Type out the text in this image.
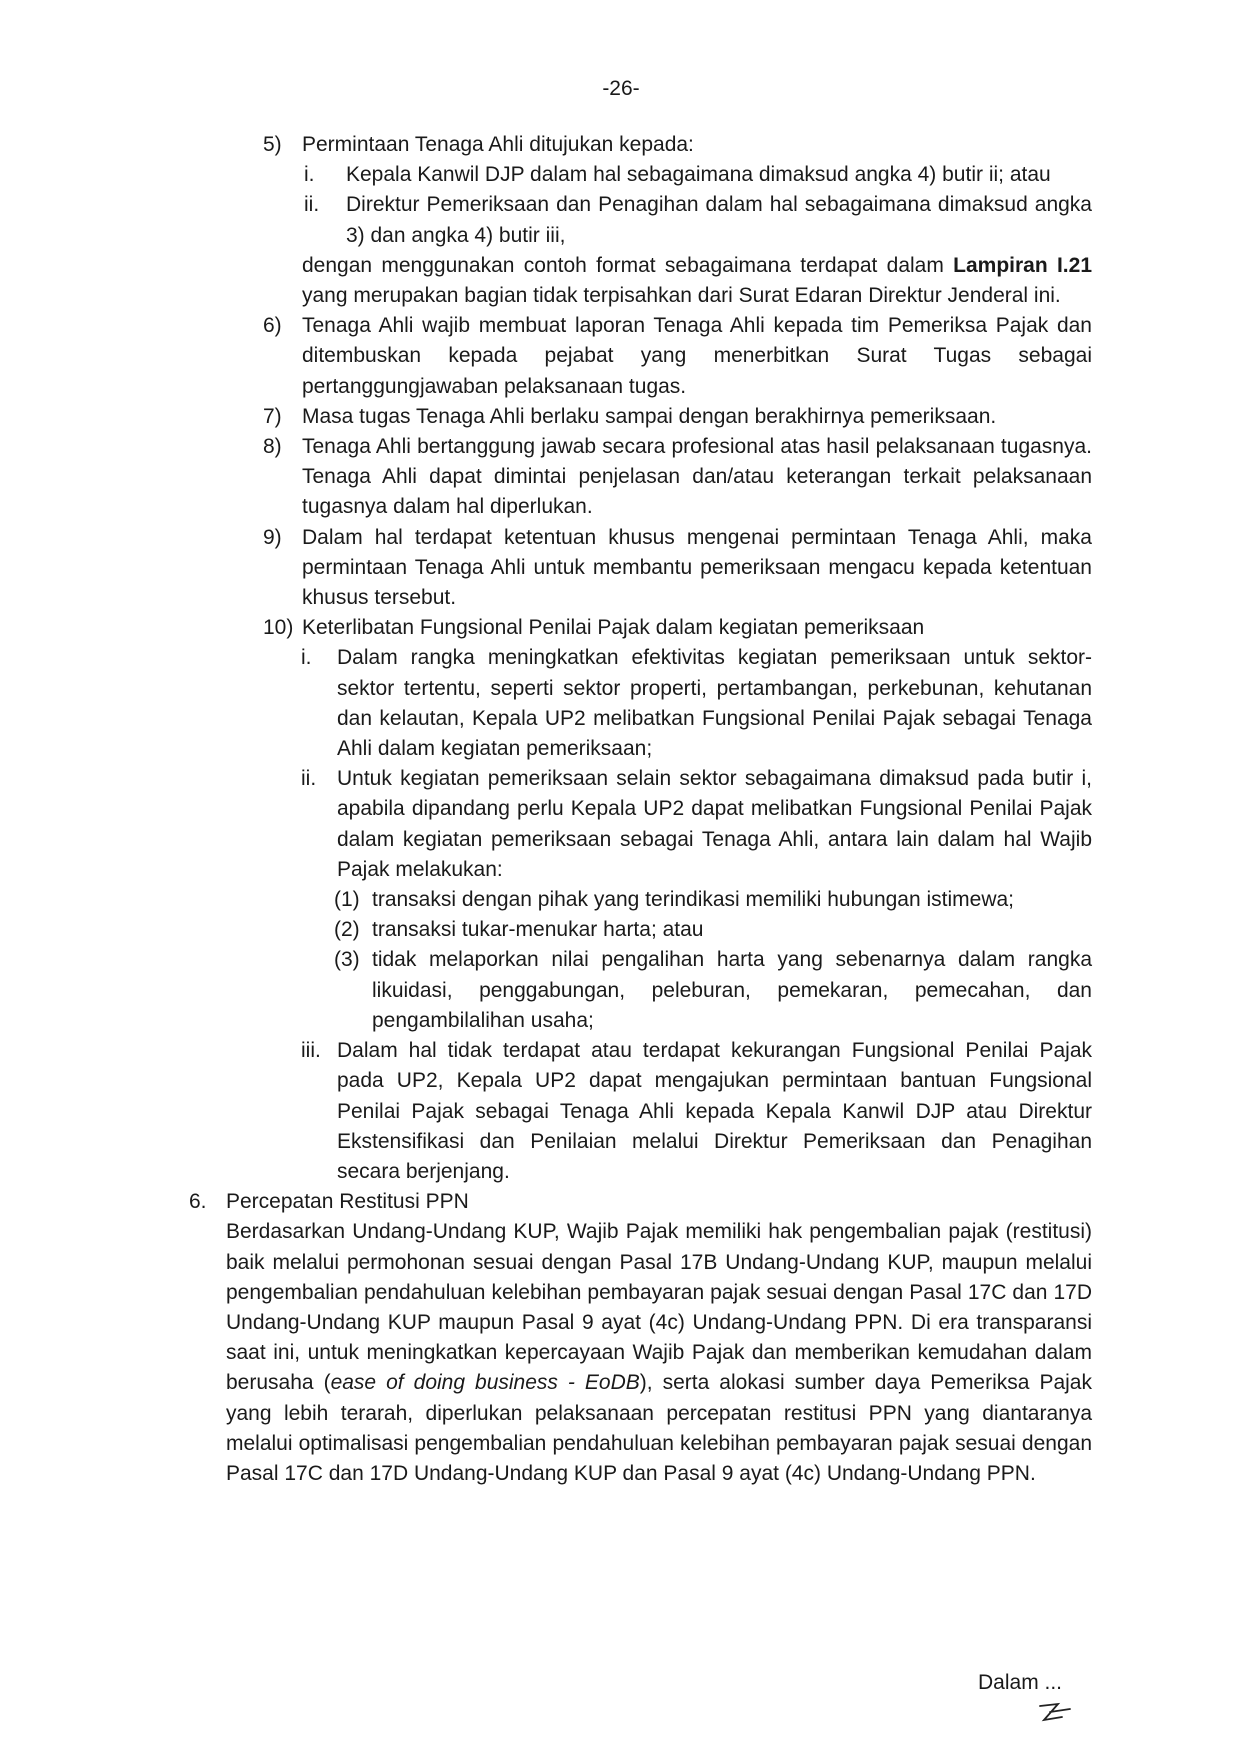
-26-
5) Permintaan Tenaga Ahli ditujukan kepada:
i. Kepala Kanwil DJP dalam hal sebagaimana dimaksud angka 4) butir ii; atau
ii. Direktur Pemeriksaan dan Penagihan dalam hal sebagaimana dimaksud angka 3) dan angka 4) butir iii,
dengan menggunakan contoh format sebagaimana terdapat dalam Lampiran I.21 yang merupakan bagian tidak terpisahkan dari Surat Edaran Direktur Jenderal ini.
6) Tenaga Ahli wajib membuat laporan Tenaga Ahli kepada tim Pemeriksa Pajak dan ditembuskan kepada pejabat yang menerbitkan Surat Tugas sebagai pertanggungjawaban pelaksanaan tugas.
7) Masa tugas Tenaga Ahli berlaku sampai dengan berakhirnya pemeriksaan.
8) Tenaga Ahli bertanggung jawab secara profesional atas hasil pelaksanaan tugasnya. Tenaga Ahli dapat dimintai penjelasan dan/atau keterangan terkait pelaksanaan tugasnya dalam hal diperlukan.
9) Dalam hal terdapat ketentuan khusus mengenai permintaan Tenaga Ahli, maka permintaan Tenaga Ahli untuk membantu pemeriksaan mengacu kepada ketentuan khusus tersebut.
10) Keterlibatan Fungsional Penilai Pajak dalam kegiatan pemeriksaan
i. Dalam rangka meningkatkan efektivitas kegiatan pemeriksaan untuk sektor-sektor tertentu, seperti sektor properti, pertambangan, perkebunan, kehutanan dan kelautan, Kepala UP2 melibatkan Fungsional Penilai Pajak sebagai Tenaga Ahli dalam kegiatan pemeriksaan;
ii. Untuk kegiatan pemeriksaan selain sektor sebagaimana dimaksud pada butir i, apabila dipandang perlu Kepala UP2 dapat melibatkan Fungsional Penilai Pajak dalam kegiatan pemeriksaan sebagai Tenaga Ahli, antara lain dalam hal Wajib Pajak melakukan:
(1) transaksi dengan pihak yang terindikasi memiliki hubungan istimewa;
(2) transaksi tukar-menukar harta; atau
(3) tidak melaporkan nilai pengalihan harta yang sebenarnya dalam rangka likuidasi, penggabungan, peleburan, pemekaran, pemecahan, dan pengambilalihan usaha;
iii. Dalam hal tidak terdapat atau terdapat kekurangan Fungsional Penilai Pajak pada UP2, Kepala UP2 dapat mengajukan permintaan bantuan Fungsional Penilai Pajak sebagai Tenaga Ahli kepada Kepala Kanwil DJP atau Direktur Ekstensifikasi dan Penilaian melalui Direktur Pemeriksaan dan Penagihan secara berjenjang.
6. Percepatan Restitusi PPN
Berdasarkan Undang-Undang KUP, Wajib Pajak memiliki hak pengembalian pajak (restitusi) baik melalui permohonan sesuai dengan Pasal 17B Undang-Undang KUP, maupun melalui pengembalian pendahuluan kelebihan pembayaran pajak sesuai dengan Pasal 17C dan 17D Undang-Undang KUP maupun Pasal 9 ayat (4c) Undang-Undang PPN. Di era transparansi saat ini, untuk meningkatkan kepercayaan Wajib Pajak dan memberikan kemudahan dalam berusaha (ease of doing business - EoDB), serta alokasi sumber daya Pemeriksa Pajak yang lebih terarah, diperlukan pelaksanaan percepatan restitusi PPN yang diantaranya melalui optimalisasi pengembalian pendahuluan kelebihan pembayaran pajak sesuai dengan Pasal 17C dan 17D Undang-Undang KUP dan Pasal 9 ayat (4c) Undang-Undang PPN.
Dalam ...
